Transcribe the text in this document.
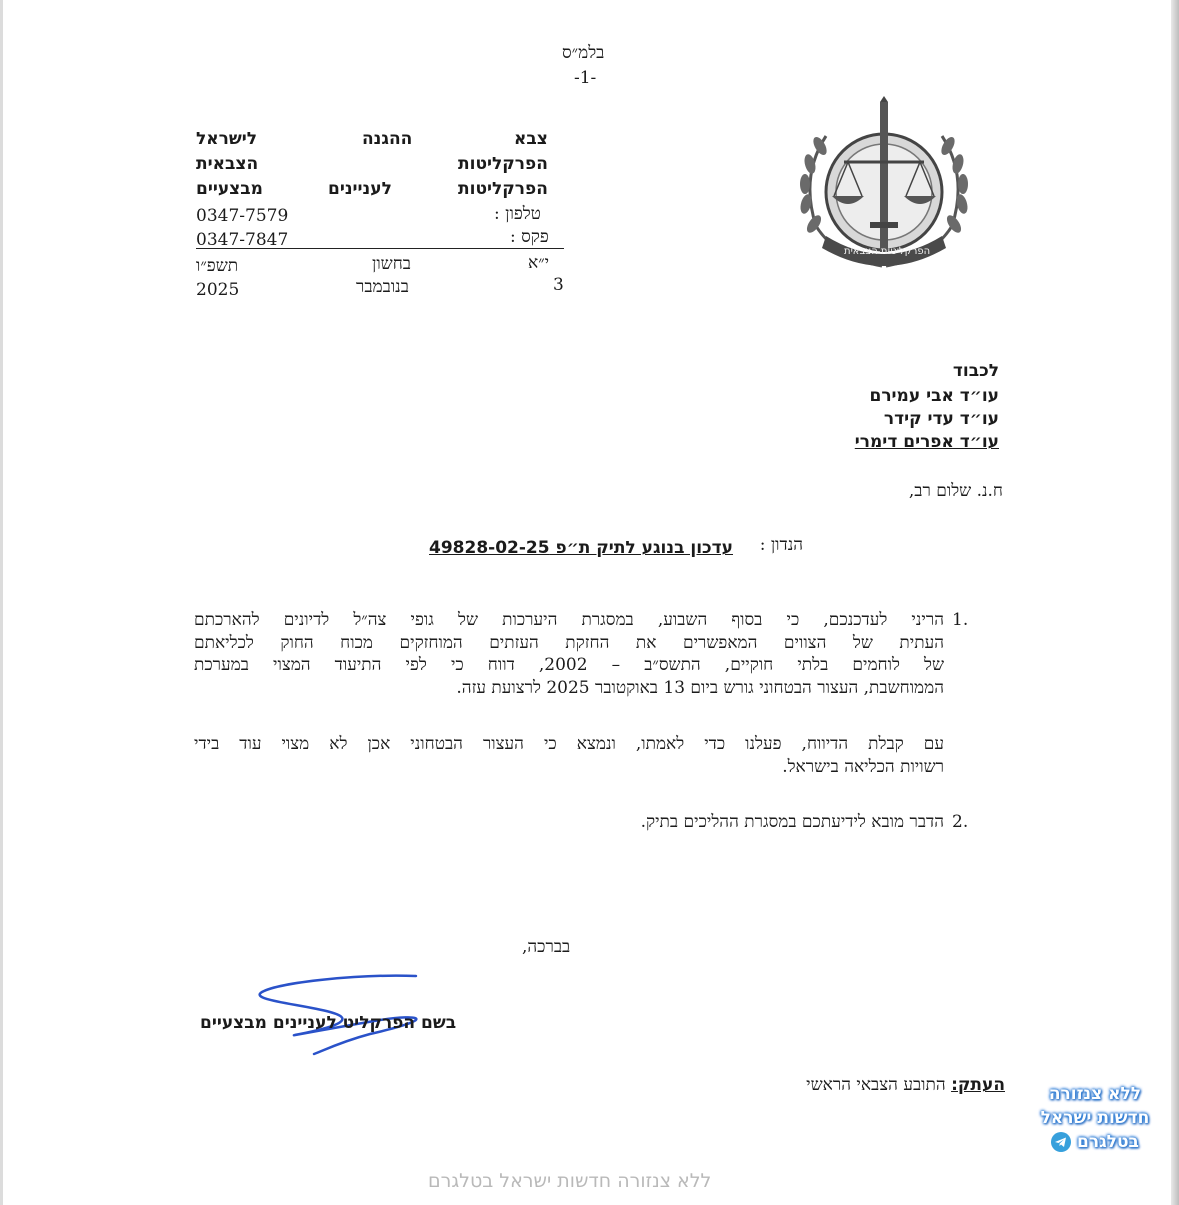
בלמ״ס
-1-
הפרקליטות הצבאית
צבא
הפרקליטות
הפרקליטות
ההגנה
לעניינים
לישראל
הצבאית
מבצעיים
טלפון :
0347-7579
פקס :
0347-7847
י״א
בחשון
תשפ״ו
3
בנובמבר
2025
לכבוד
עו״ד אבי עמירם
עו״ד עדי קידר
עו״ד אפרים דימרי
ח.נ. שלום רב,
הנדון :
עדכון בנוגע לתיק ת״פ 49828-02-25
1.
הריני לעדכנכם, כי בסוף השבוע, במסגרת היערכות של גופי צה״ל לדיונים להארכתם
העתית של הצווים המאפשרים את החזקת העזתים המוחזקים מכוח החוק לכליאתם
של לוחמים בלתי חוקיים, התשס״ב – 2002, דווח כי לפי התיעוד המצוי במערכת
הממוחשבת, העצור הבטחוני גורש ביום 13 באוקטובר 2025 לרצועת עזה.
עם קבלת הדיווח, פעלנו כדי לאמתו, ונמצא כי העצור הבטחוני אכן לא מצוי עוד בידי
רשויות הכליאה בישראל.
2.
הדבר מובא לידיעתכם במסגרת ההליכים בתיק.
בברכה,
בשם הפרקליט לעניינים מבצעיים
העתק: התובע הצבאי הראשי	ללא צנזורה
חדשות ישראל
בטלגרם
ללא צנזורה חדשות ישראל בטלגרם
